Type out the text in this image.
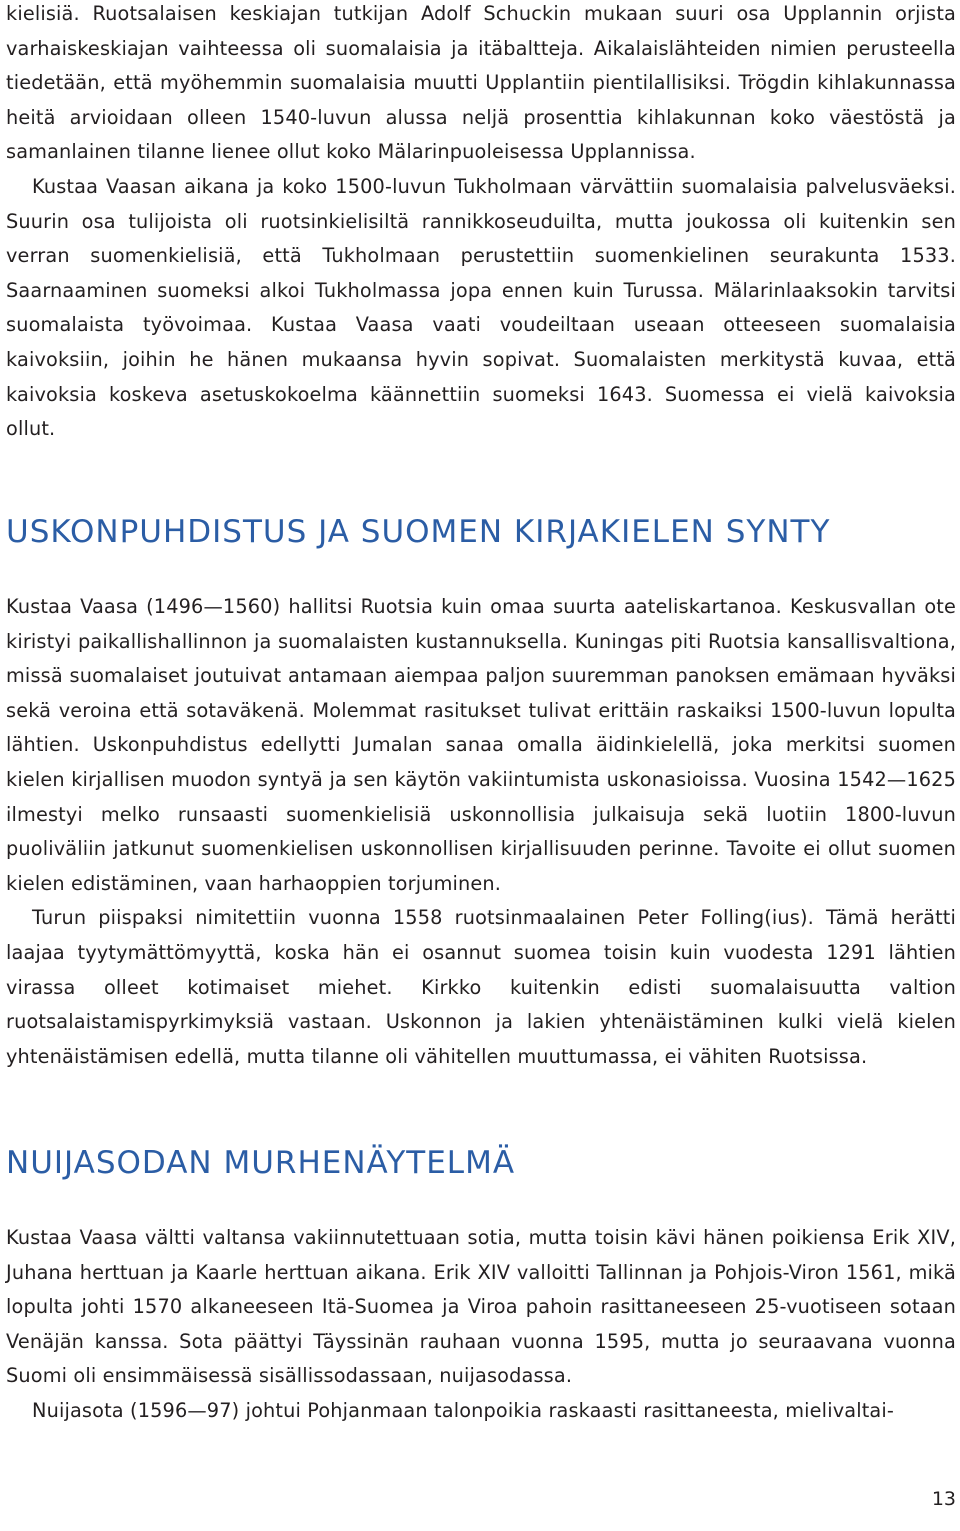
kielisiä. Ruotsalaisen keskiajan tutkijan Adolf Schuckin mukaan suuri osa Upplannin orjista varhaiskeskiajan vaihteessa oli suomalaisia ja itäbaltteja. Aikalaislähteiden nimien perusteella tiedetään, että myöhemmin suomalaisia muutti Upplantiin pientilallisiksi. Trögdin kihlakunnassa heitä arvioidaan olleen 1540-luvun alussa neljä prosenttia kihlakunnan koko väestöstä ja samanlainen tilanne lienee ollut koko Mälarinpuoleisessa Upplannissa.

Kustaa Vaasan aikana ja koko 1500-luvun Tukholmaan värvättiin suomalaisia palvelusväeksi. Suurin osa tulijoista oli ruotsinkielisiltä rannikkoseuduilta, mutta joukossa oli kuitenkin sen verran suomenkielisiä, että Tukholmaan perustettiin suomenkielinen seurakunta 1533. Saarnaaminen suomeksi alkoi Tukholmassa jopa ennen kuin Turussa. Mälarinlaaksokin tarvitsi suomalaista työvoimaa. Kustaa Vaasa vaati voudeiltaan useaan otteeseen suomalaisia kaivoksiin, joihin he hänen mukaansa hyvin sopivat. Suomalaisten merkitystä kuvaa, että kaivoksia koskeva asetuskokoelma käännettiin suomeksi 1643. Suomessa ei vielä kaivoksia ollut.

USKONPUHDISTUS JA SUOMEN KIRJAKIELEN SYNTY

Kustaa Vaasa (1496—1560) hallitsi Ruotsia kuin omaa suurta aateliskartanoa. Keskusvallan ote kiristyi paikallishallinnon ja suomalaisten kustannuksella. Kuningas piti Ruotsia kansallisvaltiona, missä suomalaiset joutuivat antamaan aiempaa paljon suuremman panoksen emämaan hyväksi sekä veroina että sotaväkenä. Molemmat rasitukset tulivat erittäin raskaiksi 1500-luvun lopulta lähtien. Uskonpuhdistus edellytti Jumalan sanaa omalla äidinkielellä, joka merkitsi suomen kielen kirjallisen muodon syntyä ja sen käytön vakiintumista uskonasioissa. Vuosina 1542—1625 ilmestyi melko runsaasti suomenkielisiä uskonnollisia julkaisuja sekä luotiin 1800-luvun puoliväliin jatkunut suomenkielisen uskonnollisen kirjallisuuden perinne. Tavoite ei ollut suomen kielen edistäminen, vaan harhaoppien torjuminen.

Turun piispaksi nimitettiin vuonna 1558 ruotsinmaalainen Peter Folling(ius). Tämä herätti laajaa tyytymättömyyttä, koska hän ei osannut suomea toisin kuin vuodesta 1291 lähtien virassa olleet kotimaiset miehet. Kirkko kuitenkin edisti suomalaisuutta valtion ruotsalaistamispyrkimyksiä vastaan. Uskonnon ja lakien yhtenäistäminen kulki vielä kielen yhtenäistämisen edellä, mutta tilanne oli vähitellen muuttumassa, ei vähiten Ruotsissa.

NUIJASODAN MURHENÄYTELMÄ

Kustaa Vaasa vältti valtansa vakiinnutettuaan sotia, mutta toisin kävi hänen poikiensa Erik XIV, Juhana herttuan ja Kaarle herttuan aikana. Erik XIV valloitti Tallinnan ja Pohjois-Viron 1561, mikä lopulta johti 1570 alkaneeseen Itä-Suomea ja Viroa pahoin rasittaneeseen 25-vuotiseen sotaan Venäjän kanssa. Sota päättyi Täyssinän rauhaan vuonna 1595, mutta jo seuraavana vuonna Suomi oli ensimmäisessä sisällissodassaan, nuijasodassa.

Nuijasota (1596—97) johtui Pohjanmaan talonpoikia raskaasti rasittaneesta, mielivaltai-

13
